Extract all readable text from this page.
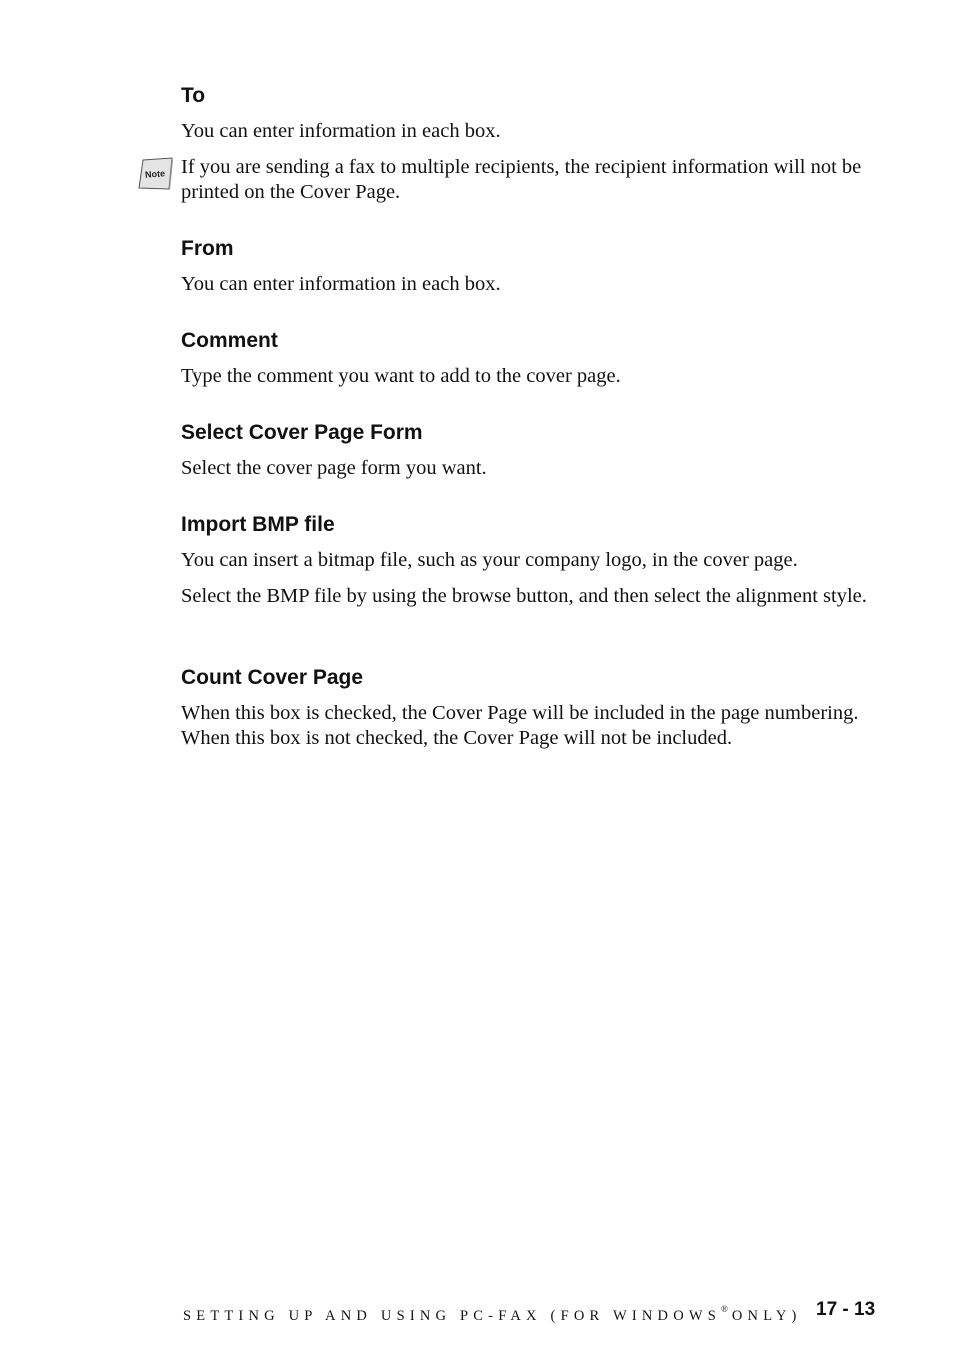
To

You can enter information in each box.

Note If you are sending a fax to multiple recipients, the recipient information will not be printed on the Cover Page.

From

You can enter information in each box.

Comment

Type the comment you want to add to the cover page.

Select Cover Page Form

Select the cover page form you want.

Import BMP file

You can insert a bitmap file, such as your company logo, in the cover page.

Select the BMP file by using the browse button, and then select the alignment style.

Count Cover Page

When this box is checked, the Cover Page will be included in the page numbering. When this box is not checked, the Cover Page will not be included.

SETTING UP AND USING PC-FAX (FOR WINDOWS® ONLY) 17 - 13
